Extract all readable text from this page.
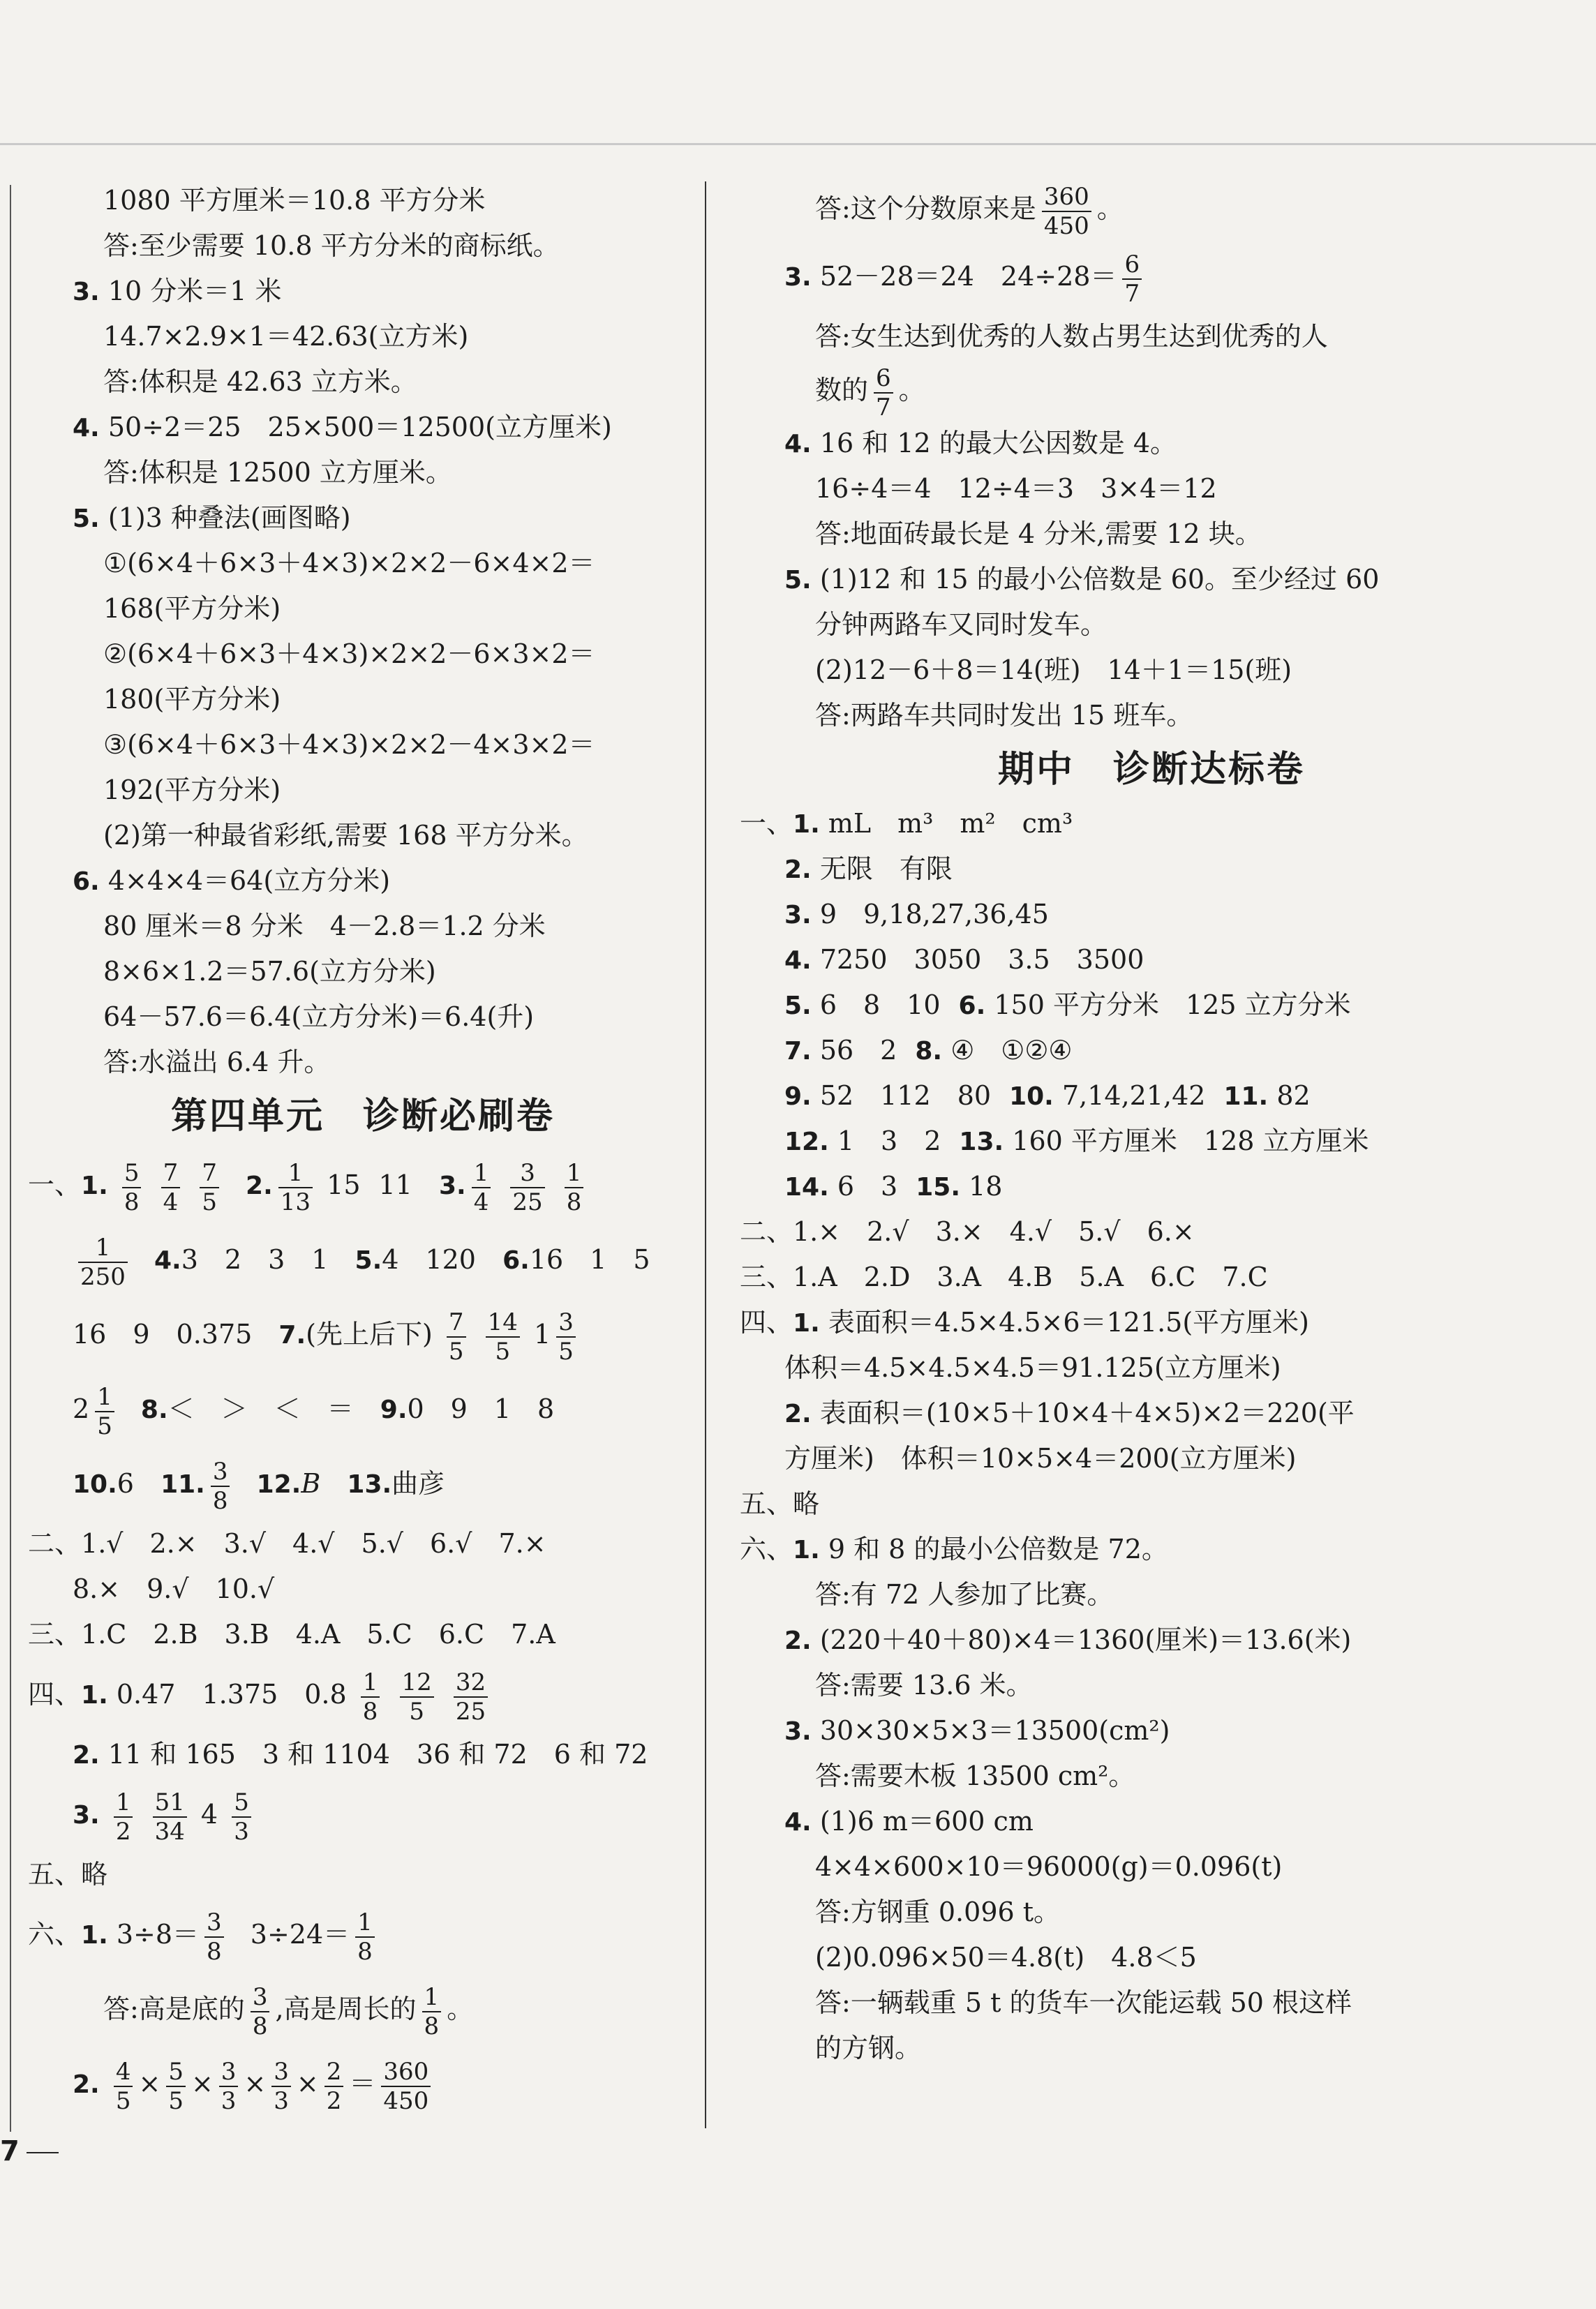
1080 平方厘米＝10.8 平方分米
答:至少需要 10.8 平方分米的商标纸。
3. 10 分米＝1 米
14.7×2.9×1＝42.63(立方米)
答:体积是 42.63 立方米。
4. 50÷2＝25　25×500＝12500(立方厘米)
答:体积是 12500 立方厘米。
5. (1)3 种叠法(画图略)
①(6×4＋6×3＋4×3)×2×2－6×4×2＝
168(平方分米)
②(6×4＋6×3＋4×3)×2×2－6×3×2＝
180(平方分米)
③(6×4＋6×3＋4×3)×2×2－4×3×2＝
192(平方分米)
(2)第一种最省彩纸,需要 168 平方分米。
6. 4×4×4＝64(立方分米)
80 厘米＝8 分米　4－2.8＝1.2 分米
8×6×1.2＝57.6(立方分米)
64－57.6＝6.4(立方分米)＝6.4(升)
答:水溢出 6.4 升。
第四单元　诊断必刷卷
一、1. $\frac{5}{8}$
$\frac{7}{4}$
$\frac{7}{5} 2$. $\frac{1}{13} 15$ 11 3. $\frac{1}{4}$
$\frac{3}{25}$
$\frac{1}{8}$
$\frac{1}{250} 4.3$　2　3　1 5.4　120 6.16　1　5
16　9　0.375 7.(先上后下) $\frac{7}{5}$
$\frac{14}{5} 1 \frac{3}{5}$
$2 \frac{1}{5} 8.<$　＞　＜　＝ 9.0　9　1　8
10.6 11. $\frac{3}{8} 12.B$ 13.曲彦
二、1.√　2.×　3.√　4.√　5.√　6.√　7.×
8.×　9.√　10.√
三、1.C　2.B　3.B　4.A　5.C　6.C　7.A
四、1. 0.47　1.375　$0.8 \frac{1}{8}$
$\frac{12}{5}$
$\frac{32}{25}$
2. 11 和 165　3 和 1104　36 和 72　6 和 72
3. $\frac{1}{2}$
$\frac{51}{34} 4 \frac{5}{3}$
五、略
六、1. $3\div 8= \frac{3}{8} 3\div 24= \frac{1}{8}$
答:高是底的 $\frac{3}{8}$ ,高是周长的 $\frac{1}{8}$ 。
2. $\frac{4}{5} \times \frac{5}{5} \times \frac{3}{3} \times \frac{3}{3} \times \frac{2}{2} = \frac{360}{450}$
7
答:这个分数原来是 $\frac{360}{450}$ 。
3. 52－28＝24　$24\div 28= \frac{6}{7}$
答:女生达到优秀的人数占男生达到优秀的人
数的 $\frac{6}{7}$ 。
4. 16 和 12 的最大公因数是 4。
16÷4＝4　12÷4＝3　3×4＝12
答:地面砖最长是 4 分米,需要 12 块。
5. (1)12 和 15 的最小公倍数是 60。至少经过 60
分钟两路车又同时发车。
(2)12－6＋8＝14(班)　14＋1＝15(班)
答:两路车共同时发出 15 班车。
期中　诊断达标卷
一、1. mL　m³　m²　cm³
2. 无限　有限
3. 9　9,18,27,36,45
4. 7250　3050　3.5　3500
5. 6　8　10 6. 150 平方分米　125 立方分米
7. 56　2 8. ④　①②④
9. 52　112　80 10. 7,14,21,42 11. 82
12. 1　3　2 13. 160 平方厘米　128 立方厘米
14. 6　3 15. 18
二、1.×　2.√　3.×　4.√　5.√　6.×
三、1.A　2.D　3.A　4.B　5.A　6.C　7.C
四、1. 表面积＝4.5×4.5×6＝121.5(平方厘米)
体积＝4.5×4.5×4.5＝91.125(立方厘米)
2. 表面积＝(10×5＋10×4＋4×5)×2＝220(平
方厘米)　体积＝10×5×4＝200(立方厘米)
五、略
六、1. 9 和 8 的最小公倍数是 72。
答:有 72 人参加了比赛。
2. (220＋40＋80)×4＝1360(厘米)＝13.6(米)
答:需要 13.6 米。
3. 30×30×5×3＝13500(cm²)
答:需要木板 13500 cm²。
4. (1)6 m＝600 cm
4×4×600×10＝96000(g)＝0.096(t)
答:方钢重 0.096 t。
(2)0.096×50＝4.8(t)　4.8＜5
答:一辆载重 5 t 的货车一次能运载 50 根这样
的方钢。
